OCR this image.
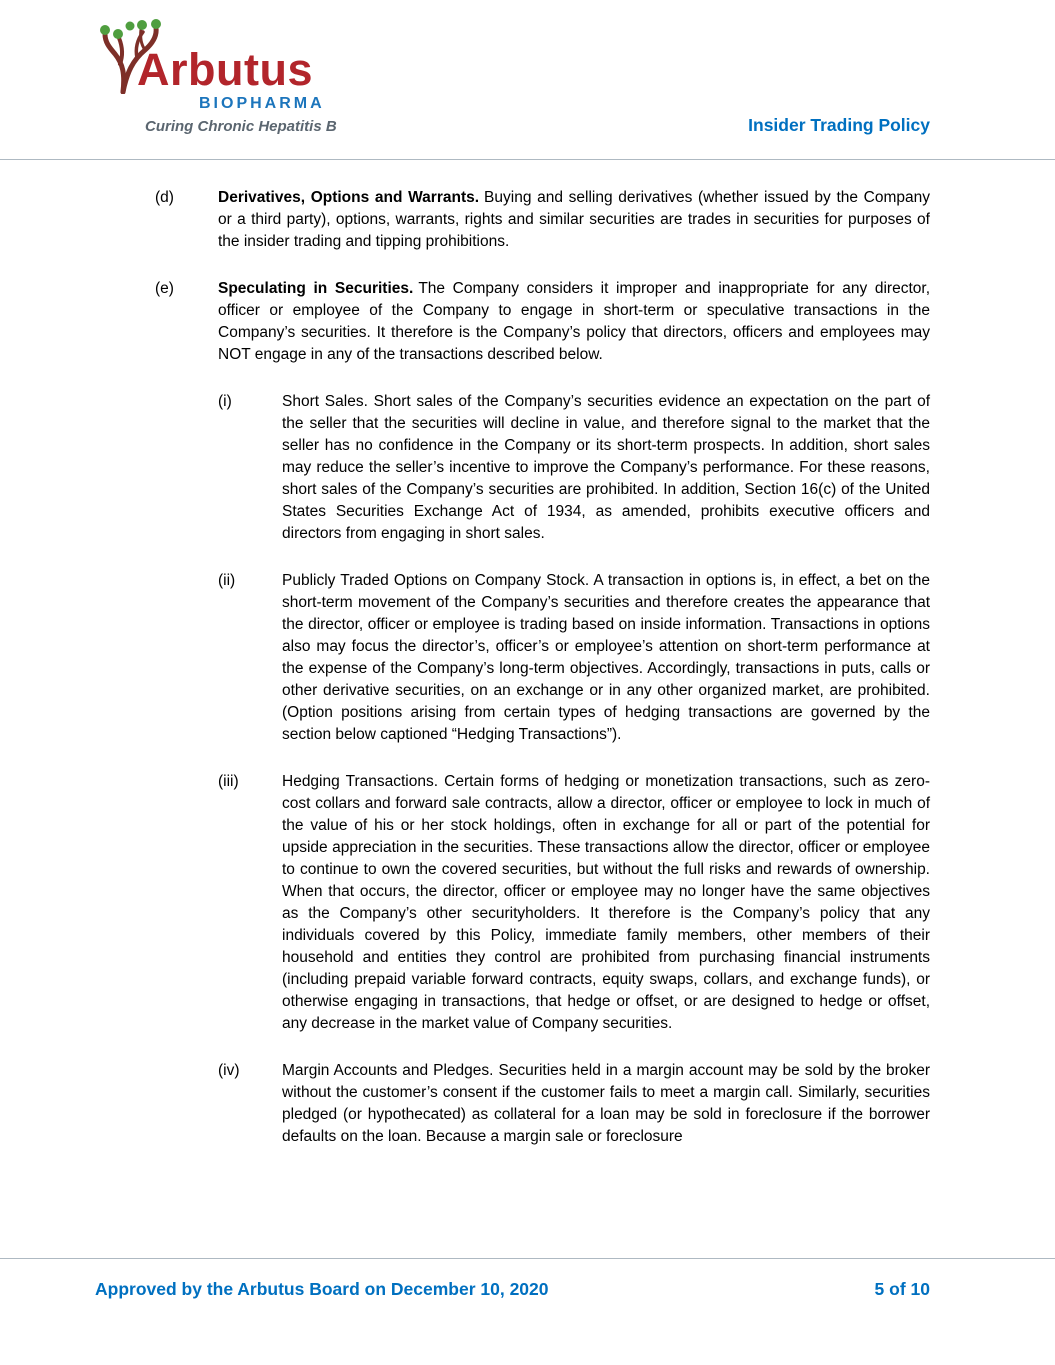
Arbutus
BIOPHARMA
Curing Chronic Hepatitis B	Insider Trading Policy
(d)	Derivatives, Options and Warrants. Buying and selling derivatives (whether issued by the Company or a third party), options, warrants, rights and similar securities are trades in securities for purposes of the insider trading and tipping prohibitions.
(e)	Speculating in Securities. The Company considers it improper and inappropriate for any director, officer or employee of the Company to engage in short-term or speculative transactions in the Company’s securities. It therefore is the Company’s policy that directors, officers and employees may NOT engage in any of the transactions described below.
(i)	Short Sales. Short sales of the Company’s securities evidence an expectation on the part of the seller that the securities will decline in value, and therefore signal to the market that the seller has no confidence in the Company or its short-term prospects. In addition, short sales may reduce the seller’s incentive to improve the Company’s performance. For these reasons, short sales of the Company’s securities are prohibited. In addition, Section 16(c) of the United States Securities Exchange Act of 1934, as amended, prohibits executive officers and directors from engaging in short sales.
(ii)	Publicly Traded Options on Company Stock. A transaction in options is, in effect, a bet on the short-term movement of the Company’s securities and therefore creates the appearance that the director, officer or employee is trading based on inside information. Transactions in options also may focus the director’s, officer’s or employee’s attention on short-term performance at the expense of the Company’s long-term objectives. Accordingly, transactions in puts, calls or other derivative securities, on an exchange or in any other organized market, are prohibited. (Option positions arising from certain types of hedging transactions are governed by the section below captioned “Hedging Transactions”).
(iii)	Hedging Transactions. Certain forms of hedging or monetization transactions, such as zero-cost collars and forward sale contracts, allow a director, officer or employee to lock in much of the value of his or her stock holdings, often in exchange for all or part of the potential for upside appreciation in the securities. These transactions allow the director, officer or employee to continue to own the covered securities, but without the full risks and rewards of ownership. When that occurs, the director, officer or employee may no longer have the same objectives as the Company’s other securityholders. It therefore is the Company’s policy that any individuals covered by this Policy, immediate family members, other members of their household and entities they control are prohibited from purchasing financial instruments (including prepaid variable forward contracts, equity swaps, collars, and exchange funds), or otherwise engaging in transactions, that hedge or offset, or are designed to hedge or offset, any decrease in the market value of Company securities.
(iv)	Margin Accounts and Pledges. Securities held in a margin account may be sold by the broker without the customer’s consent if the customer fails to meet a margin call. Similarly, securities pledged (or hypothecated) as collateral for a loan may be sold in foreclosure if the borrower defaults on the loan. Because a margin sale or foreclosure
Approved by the Arbutus Board on December 10, 2020	5 of 10
